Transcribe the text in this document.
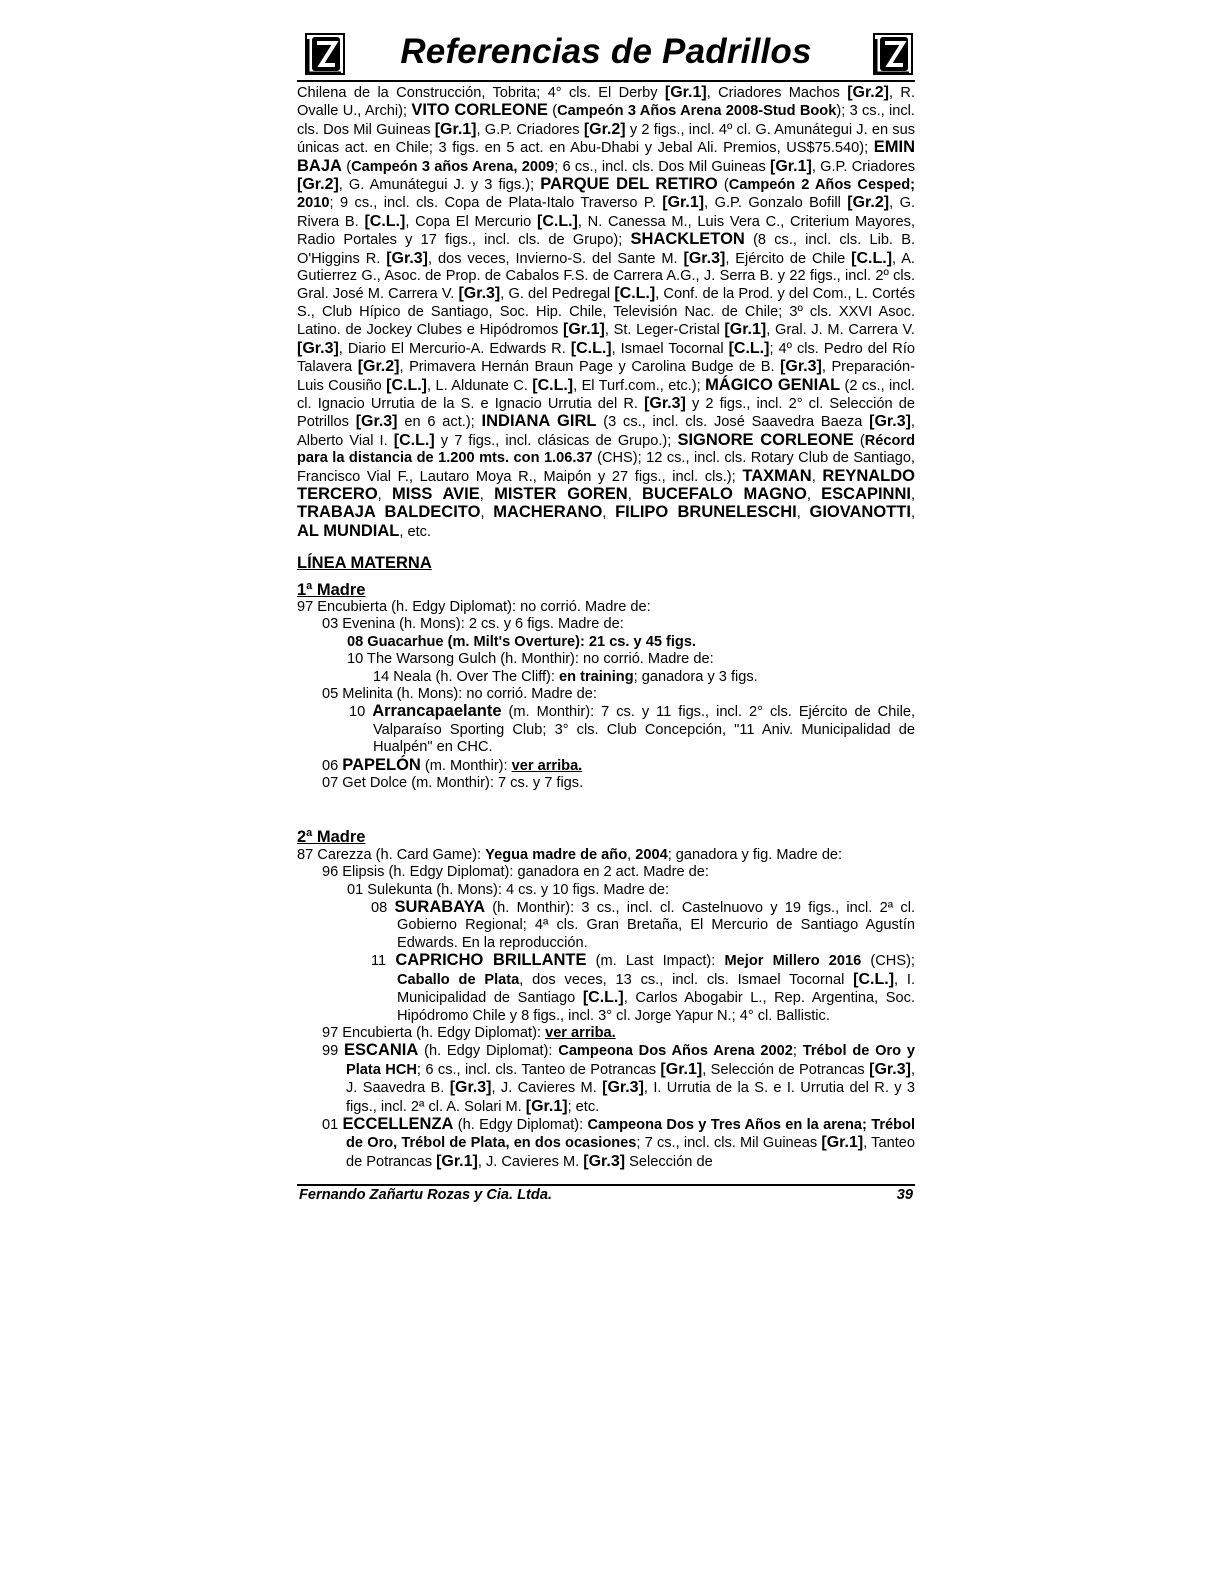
Referencias de Padrillos
Chilena de la Construcción, Tobrita; 4° cls. El Derby [Gr.1], Criadores Machos [Gr.2], R. Ovalle U., Archi); VITO CORLEONE (Campeón 3 Años Arena 2008-Stud Book); 3 cs., incl. cls. Dos Mil Guineas [Gr.1], G.P. Criadores [Gr.2] y 2 figs., incl. 4º cl. G. Amunátegui J. en sus únicas act. en Chile; 3 figs. en 5 act. en Abu-Dhabi y Jebal Ali. Premios, US$75.540); EMIN BAJA (Campeón 3 años Arena, 2009; 6 cs., incl. cls. Dos Mil Guineas [Gr.1], G.P. Criadores [Gr.2], G. Amunátegui J. y 3 figs.); PARQUE DEL RETIRO (Campeón 2 Años Cesped; 2010; 9 cs., incl. cls. Copa de Plata-Italo Traverso P. [Gr.1], G.P. Gonzalo Bofill [Gr.2], G. Rivera B. [C.L.], Copa El Mercurio [C.L.], N. Canessa M., Luis Vera C., Criterium Mayores, Radio Portales y 17 figs., incl. cls. de Grupo); SHACKLETON (8 cs., incl. cls. Lib. B. O'Higgins R. [Gr.3], dos veces, Invierno-S. del Sante M. [Gr.3], Ejército de Chile [C.L.], A. Gutierrez G., Asoc. de Prop. de Cabalos F.S. de Carrera A.G., J. Serra B. y 22 figs., incl. 2º cls. Gral. José M. Carrera V. [Gr.3], G. del Pedregal [C.L.], Conf. de la Prod. y del Com., L. Cortés S., Club Hípico de Santiago, Soc. Hip. Chile, Televisión Nac. de Chile; 3º cls. XXVI Asoc. Latino. de Jockey Clubes e Hipódromos [Gr.1], St. Leger-Cristal [Gr.1], Gral. J. M. Carrera V. [Gr.3], Diario El Mercurio-A. Edwards R. [C.L.], Ismael Tocornal [C.L.]; 4º cls. Pedro del Río Talavera [Gr.2], Primavera Hernán Braun Page y Carolina Budge de B. [Gr.3], Preparación-Luis Cousiño [C.L.], L. Aldunate C. [C.L.], El Turf.com., etc.); MÁGICO GENIAL (2 cs., incl. cl. Ignacio Urrutia de la S. e Ignacio Urrutia del R. [Gr.3] y 2 figs., incl. 2° cl. Selección de Potrillos [Gr.3] en 6 act.); INDIANA GIRL (3 cs., incl. cls. José Saavedra Baeza [Gr.3], Alberto Vial I. [C.L.] y 7 figs., incl. clásicas de Grupo.); SIGNORE CORLEONE (Récord para la distancia de 1.200 mts. con 1.06.37 (CHS); 12 cs., incl. cls. Rotary Club de Santiago, Francisco Vial F., Lautaro Moya R., Maipón y 27 figs., incl. cls.); TAXMAN, REYNALDO TERCERO, MISS AVIE, MISTER GOREN, BUCEFALO MAGNO, ESCAPINNI, TRABAJA BALDECITO, MACHERANO, FILIPO BRUNELESCHI, GIOVANOTTI, AL MUNDIAL, etc.
LÍNEA MATERNA
1ª Madre
97 Encubierta (h. Edgy Diplomat): no corrió. Madre de:
03 Evenina (h. Mons): 2 cs. y 6 figs. Madre de:
08 Guacarhue (m. Milt's Overture): 21 cs. y 45 figs.
10 The Warsong Gulch (h. Monthir): no corrió. Madre de:
14 Neala (h. Over The Cliff): en training; ganadora y 3 figs.
05 Melinita (h. Mons): no corrió. Madre de:
10 Arrancapaelante (m. Monthir): 7 cs. y 11 figs., incl. 2° cls. Ejército de Chile, Valparaíso Sporting Club; 3° cls. Club Concepción, "11 Aniv. Municipalidad de Hualpén" en CHC.
06 PAPELÓN (m. Monthir): ver arriba.
07 Get Dolce (m. Monthir): 7 cs. y 7 figs.
2ª Madre
87 Carezza (h. Card Game): Yegua madre de año, 2004; ganadora y fig. Madre de:
96 Elipsis (h. Edgy Diplomat): ganadora en 2 act. Madre de:
01 Sulekunta (h. Mons): 4 cs. y 10 figs. Madre de:
08 SURABAYA (h. Monthir): 3 cs., incl. cl. Castelnuovo y 19 figs., incl. 2ª cl. Gobierno Regional; 4ª cls. Gran Bretaña, El Mercurio de Santiago Agustín Edwards. En la reproducción.
11 CAPRICHO BRILLANTE (m. Last Impact): Mejor Millero 2016 (CHS); Caballo de Plata, dos veces, 13 cs., incl. cls. Ismael Tocornal [C.L.], I. Municipalidad de Santiago [C.L.], Carlos Abogabir L., Rep. Argentina, Soc. Hipódromo Chile y 8 figs., incl. 3° cl. Jorge Yapur N.; 4° cl. Ballistic.
97 Encubierta (h. Edgy Diplomat): ver arriba.
99 ESCANIA (h. Edgy Diplomat): Campeona Dos Años Arena 2002; Trébol de Oro y Plata HCH; 6 cs., incl. cls. Tanteo de Potrancas [Gr.1], Selección de Potrancas [Gr.3], J. Saavedra B. [Gr.3], J. Cavieres M. [Gr.3], I. Urrutia de la S. e I. Urrutia del R. y 3 figs., incl. 2ª cl. A. Solari M. [Gr.1]; etc.
01 ECCELLENZA (h. Edgy Diplomat): Campeona Dos y Tres Años en la arena; Trébol de Oro, Trébol de Plata, en dos ocasiones; 7 cs., incl. cls. Mil Guineas [Gr.1], Tanteo de Potrancas [Gr.1], J. Cavieres M. [Gr.3] Selección de
Fernando Zañartu Rozas y Cia. Ltda.	39
